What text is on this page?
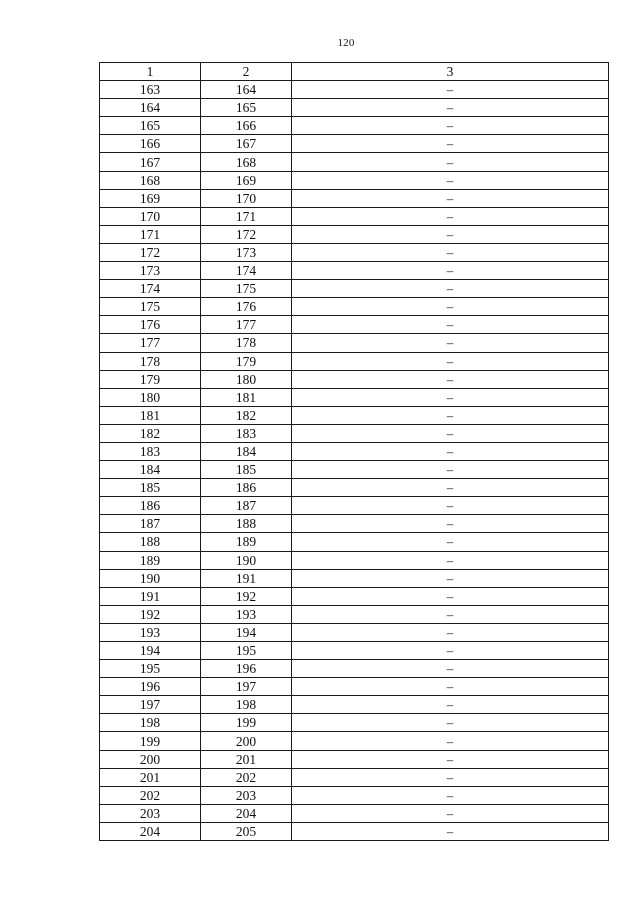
120
1	2	3
163	164	–
164	165	–
165	166	–
166	167	–
167	168	–
168	169	–
169	170	–
170	171	–
171	172	–
172	173	–
173	174	–
174	175	–
175	176	–
176	177	–
177	178	–
178	179	–
179	180	–
180	181	–
181	182	–
182	183	–
183	184	–
184	185	–
185	186	–
186	187	–
187	188	–
188	189	–
189	190	–
190	191	–
191	192	–
192	193	–
193	194	–
194	195	–
195	196	–
196	197	–
197	198	–
198	199	–
199	200	–
200	201	–
201	202	–
202	203	–
203	204	–
204	205	–
